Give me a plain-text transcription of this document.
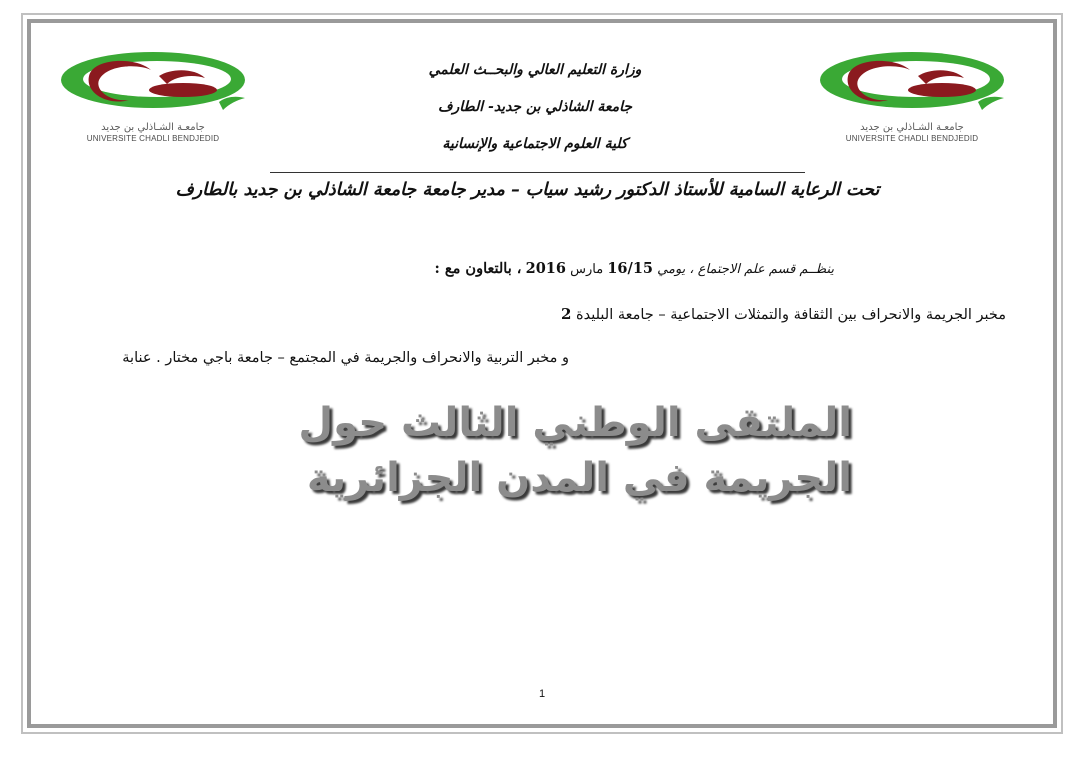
جامعـة الشـاذلي بن جديد
UNIVERSITE CHADLI BENDJEDID
جامعـة الشـاذلي بن جديد
UNIVERSITE CHADLI BENDJEDID
وزارة التعليم العالي والبحــث العلمي
جامعة الشاذلي بن جديد- الطارف
كلية العلوم الاجتماعية والإنسانية
تحت الرعاية السامية للأستاذ الدكتور رشيد سياب – مدير جامعة جامعة الشاذلي بن جديد بالطارف
ينظــم قسم علم الاجتماع ، يومي 16/15 مارس 2016 ، بالتعاون مع :
مخبر الجريمة والانحراف بين الثقافة والتمثلات الاجتماعية – جامعة البليدة 2
و مخبر التربية والانحراف والجريمة في المجتمع – جامعة باجي مختار . عنابة
الملتقى الوطني الثالث حول
الجريمة في المدن الجزائرية
1
